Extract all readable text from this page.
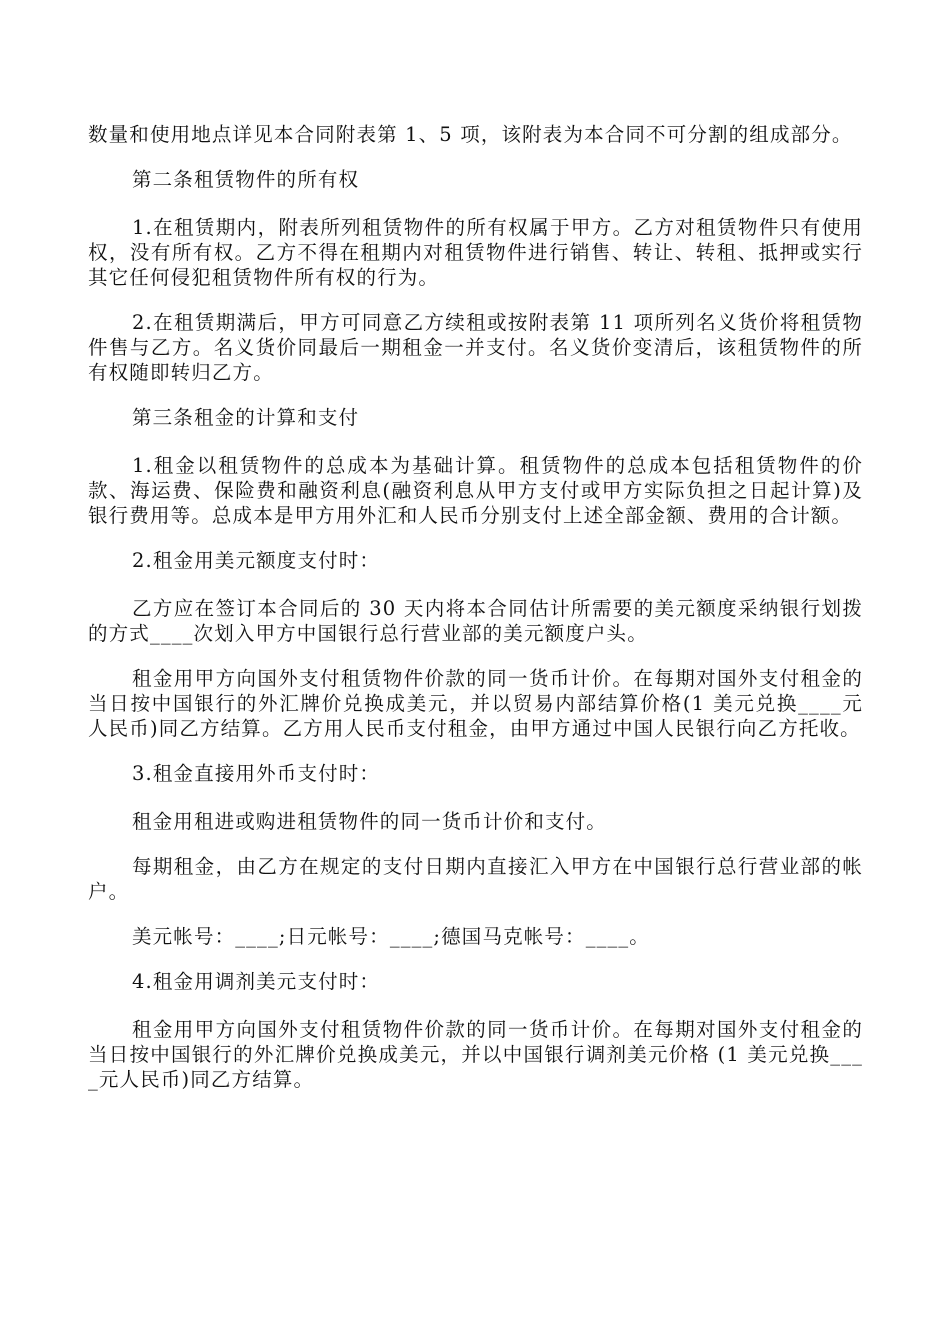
数量和使用地点详见本合同附表第 1、5 项，该附表为本合同不可分割的组成部分。

第二条租赁物件的所有权

1.在租赁期内，附表所列租赁物件的所有权属于甲方。乙方对租赁物件只有使用权，没有所有权。乙方不得在租期内对租赁物件进行销售、转让、转租、抵押或实行其它任何侵犯租赁物件所有权的行为。

2.在租赁期满后，甲方可同意乙方续租或按附表第 11 项所列名义货价将租赁物件售与乙方。名义货价同最后一期租金一并支付。名义货价变清后，该租赁物件的所有权随即转归乙方。

第三条租金的计算和支付

1.租金以租赁物件的总成本为基础计算。租赁物件的总成本包括租赁物件的价款、海运费、保险费和融资利息(融资利息从甲方支付或甲方实际负担之日起计算)及银行费用等。总成本是甲方用外汇和人民币分别支付上述全部金额、费用的合计额。

2.租金用美元额度支付时：

乙方应在签订本合同后的 30 天内将本合同估计所需要的美元额度采纳银行划拨的方式____次划入甲方中国银行总行营业部的美元额度户头。

租金用甲方向国外支付租赁物件价款的同一货币计价。在每期对国外支付租金的当日按中国银行的外汇牌价兑换成美元，并以贸易内部结算价格(1 美元兑换____元人民币)同乙方结算。乙方用人民币支付租金，由甲方通过中国人民银行向乙方托收。

3.租金直接用外币支付时：

租金用租进或购进租赁物件的同一货币计价和支付。

每期租金，由乙方在规定的支付日期内直接汇入甲方在中国银行总行营业部的帐户。

美元帐号：____;日元帐号：____;德国马克帐号：____。

4.租金用调剂美元支付时：

租金用甲方向国外支付租赁物件价款的同一货币计价。在每期对国外支付租金的当日按中国银行的外汇牌价兑换成美元，并以中国银行调剂美元价格 (1 美元兑换____元人民币)同乙方结算。
